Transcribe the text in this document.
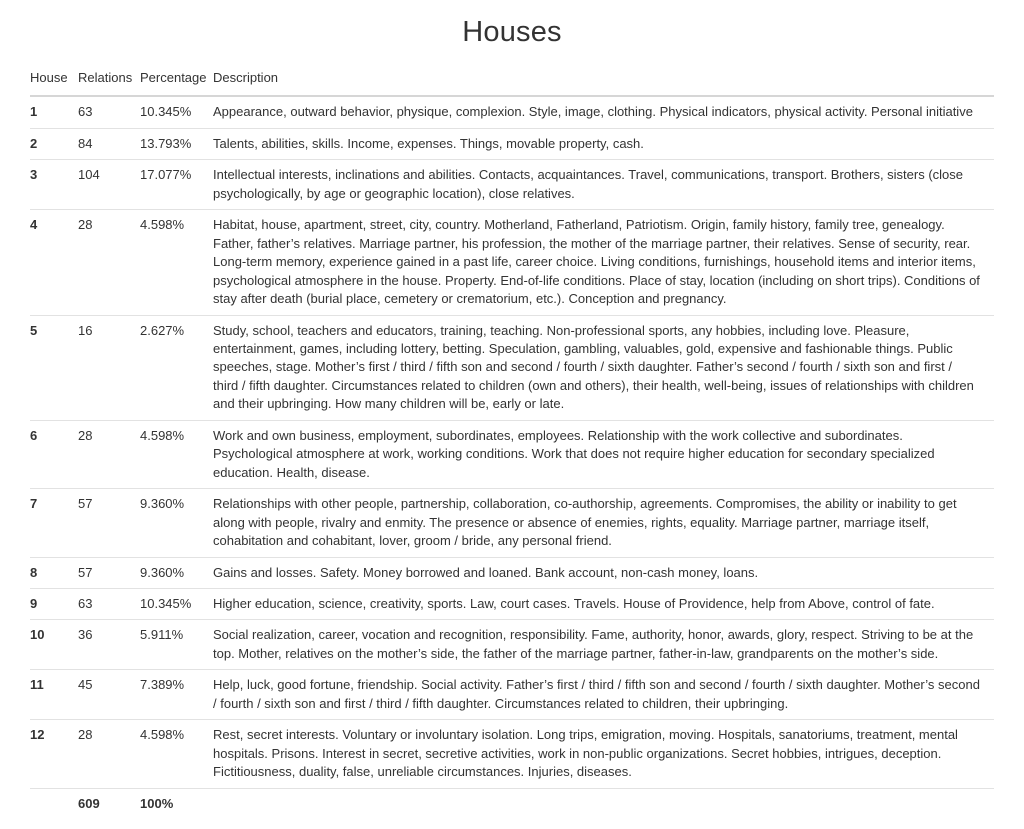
Houses
House	Relations	Percentage	Description
1	63	10.345%	Appearance, outward behavior, physique, complexion. Style, image, clothing. Physical indicators, physical activity. Personal initiative
2	84	13.793%	Talents, abilities, skills. Income, expenses. Things, movable property, cash.
3	104	17.077%	Intellectual interests, inclinations and abilities. Contacts, acquaintances. Travel, communications, transport. Brothers, sisters (close psychologically, by age or geographic location), close relatives.
4	28	4.598%	Habitat, house, apartment, street, city, country. Motherland, Fatherland, Patriotism. Origin, family history, family tree, genealogy. Father, father’s relatives. Marriage partner, his profession, the mother of the marriage partner, their relatives. Sense of security, rear. Long-term memory, experience gained in a past life, career choice. Living conditions, furnishings, household items and interior items, psychological atmosphere in the house. Property. End-of-life conditions. Place of stay, location (including on short trips). Conditions of stay after death (burial place, cemetery or crematorium, etc.). Conception and pregnancy.
5	16	2.627%	Study, school, teachers and educators, training, teaching. Non-professional sports, any hobbies, including love. Pleasure, entertainment, games, including lottery, betting. Speculation, gambling, valuables, gold, expensive and fashionable things. Public speeches, stage. Mother’s first / third / fifth son and second / fourth / sixth daughter. Father’s second / fourth / sixth son and first / third / fifth daughter. Circumstances related to children (own and others), their health, well-being, issues of relationships with children and their upbringing. How many children will be, early or late.
6	28	4.598%	Work and own business, employment, subordinates, employees. Relationship with the work collective and subordinates. Psychological atmosphere at work, working conditions. Work that does not require higher education for secondary specialized education. Health, disease.
7	57	9.360%	Relationships with other people, partnership, collaboration, co-authorship, agreements. Compromises, the ability or inability to get along with people, rivalry and enmity. The presence or absence of enemies, rights, equality. Marriage partner, marriage itself, cohabitation and cohabitant, lover, groom / bride, any personal friend.
8	57	9.360%	Gains and losses. Safety. Money borrowed and loaned. Bank account, non-cash money, loans.
9	63	10.345%	Higher education, science, creativity, sports. Law, court cases. Travels. House of Providence, help from Above, control of fate.
10	36	5.911%	Social realization, career, vocation and recognition, responsibility. Fame, authority, honor, awards, glory, respect. Striving to be at the top. Mother, relatives on the mother’s side, the father of the marriage partner, father-in-law, grandparents on the mother’s side.
11	45	7.389%	Help, luck, good fortune, friendship. Social activity. Father’s first / third / fifth son and second / fourth / sixth daughter. Mother’s second / fourth / sixth son and first / third / fifth daughter. Circumstances related to children, their upbringing.
12	28	4.598%	Rest, secret interests. Voluntary or involuntary isolation. Long trips, emigration, moving. Hospitals, sanatoriums, treatment, mental hospitals. Prisons. Interest in secret, secretive activities, work in non-public organizations. Secret hobbies, intrigues, deception. Fictitiousness, duality, false, unreliable circumstances. Injuries, diseases.
	609	100%	
